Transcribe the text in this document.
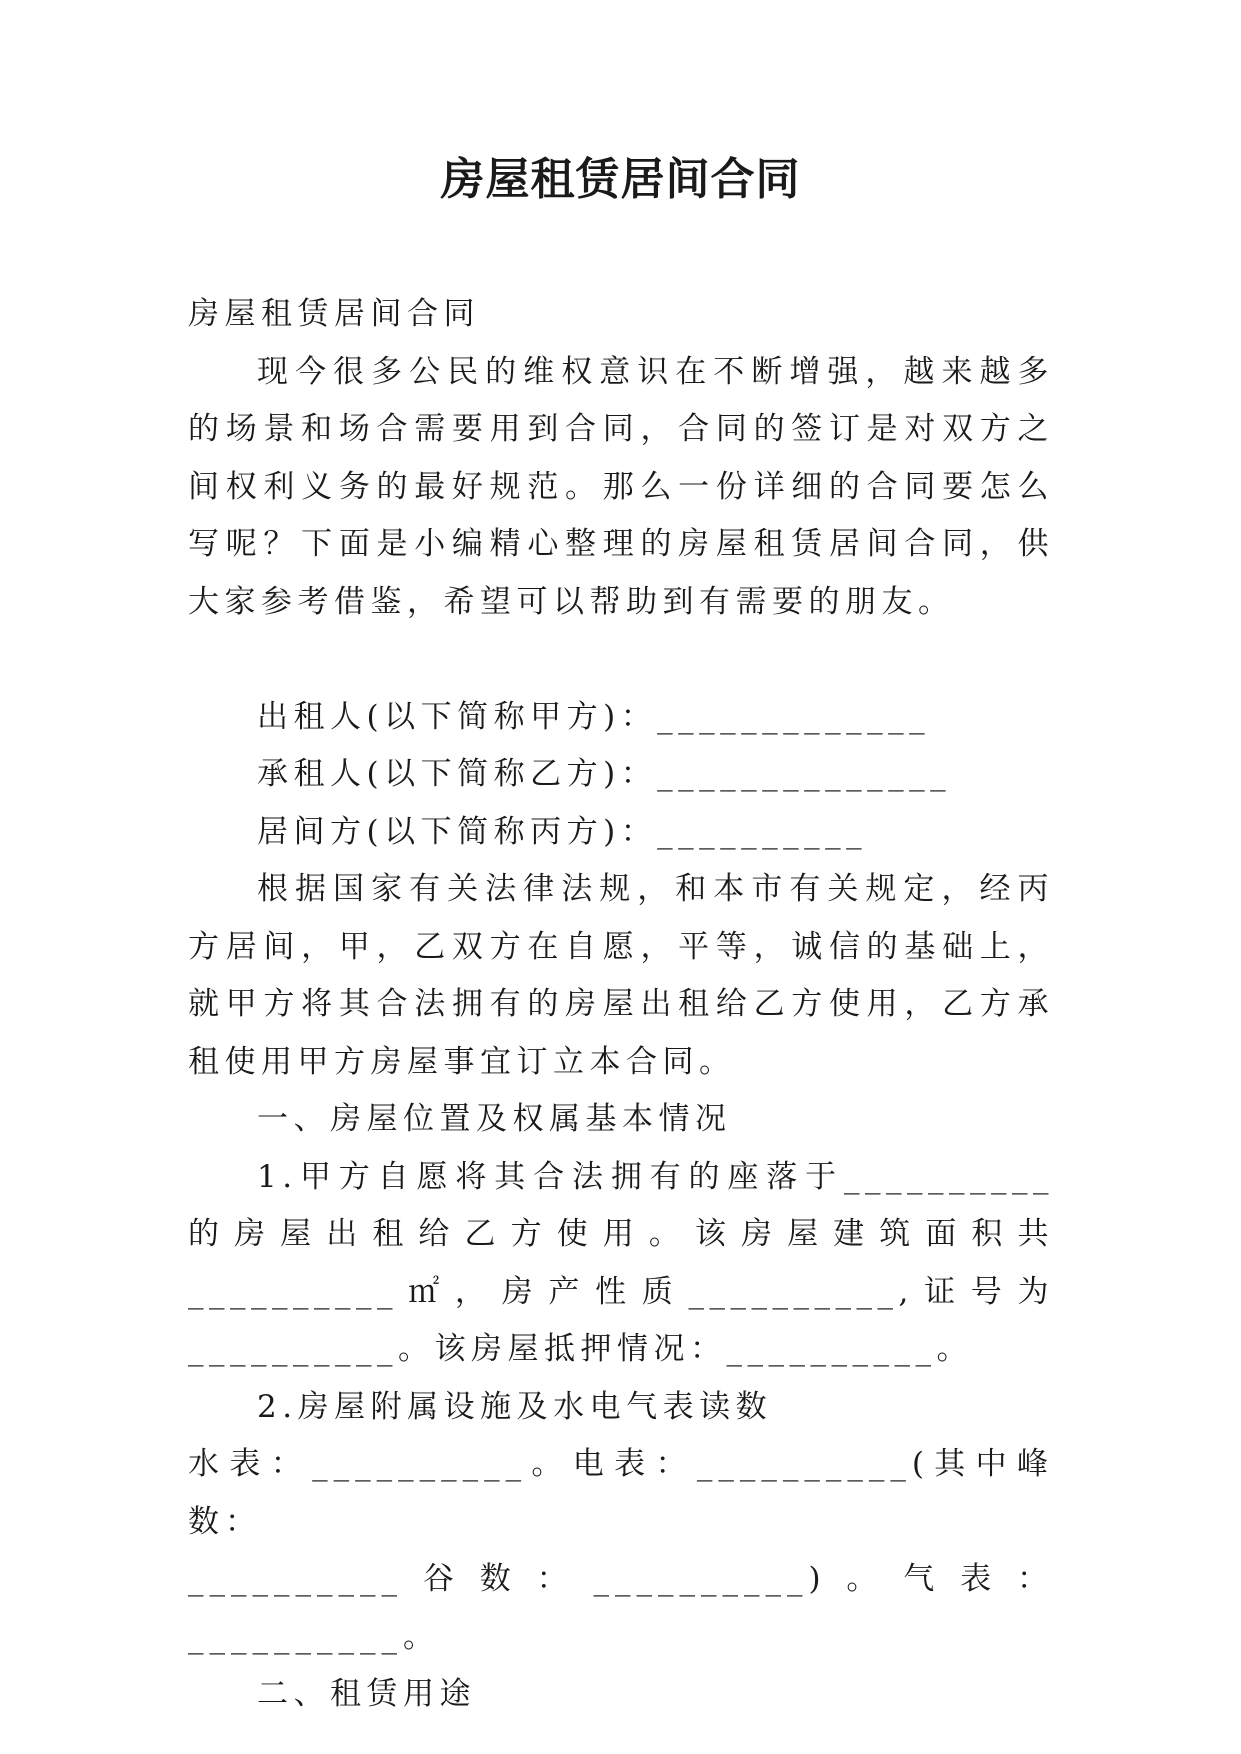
房屋租赁居间合同

房屋租赁居间合同

现今很多公民的维权意识在不断增强，越来越多的场景和场合需要用到合同，合同的签订是对双方之间权利义务的最好规范。那么一份详细的合同要怎么写呢？下面是小编精心整理的房屋租赁居间合同，供大家参考借鉴，希望可以帮助到有需要的朋友。

出租人(以下简称甲方)：_____________

承租人(以下简称乙方)：______________

居间方(以下简称丙方)：__________

根据国家有关法律法规，和本市有关规定，经丙方居间，甲，乙双方在自愿，平等，诚信的基础上，就甲方将其合法拥有的房屋出租给乙方使用，乙方承租使用甲方房屋事宜订立本合同。

一、房屋位置及权属基本情况

1.甲方自愿将其合法拥有的座落于__________的房屋出租给乙方使用。该房屋建筑面积共__________㎡，房产性质__________,证号为__________。该房屋抵押情况：__________。

2.房屋附属设施及水电气表读数

水表：__________。电表：__________(其中峰数：

__________谷数：__________)。气表：__________。

二、租赁用途
